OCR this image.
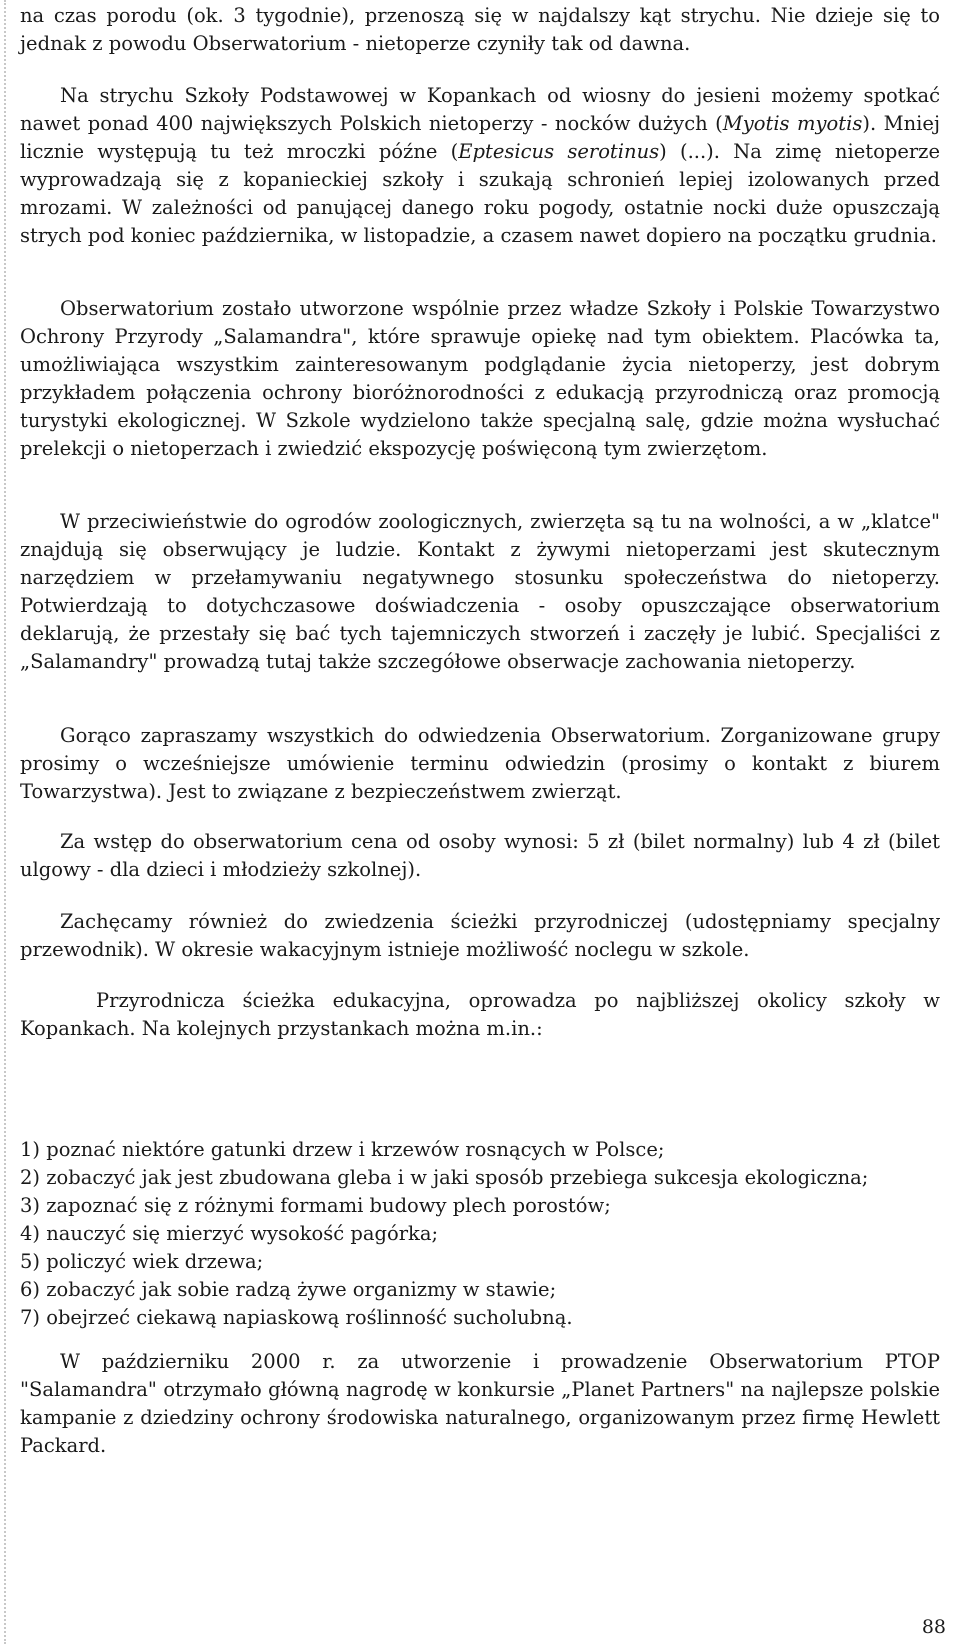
na czas porodu (ok. 3 tygodnie), przenoszą się w najdalszy kąt strychu. Nie dzieje się to jednak z powodu Obserwatorium - nietoperze czyniły tak od dawna.

Na strychu Szkoły Podstawowej w Kopankach od wiosny do jesieni możemy spotkać nawet ponad 400 największych Polskich nietoperzy - nocków dużych (Myotis myotis). Mniej licznie występują tu też mroczki późne (Eptesicus serotinus) (...). Na zimę nietoperze wyprowadzają się z kopanieckiej szkoły i szukają schronień lepiej izolowanych przed mrozami. W zależności od panującej danego roku pogody, ostatnie nocki duże opuszczają strych pod koniec października, w listopadzie, a czasem nawet dopiero na początku grudnia.

Obserwatorium zostało utworzone wspólnie przez władze Szkoły i Polskie Towarzystwo Ochrony Przyrody „Salamandra", które sprawuje opiekę nad tym obiektem. Placówka ta, umożliwiająca wszystkim zainteresowanym podglądanie życia nietoperzy, jest dobrym przykładem połączenia ochrony bioróżnorodności z edukacją przyrodniczą oraz promocją turystyki ekologicznej. W Szkole wydzielono także specjalną salę, gdzie można wysłuchać prelekcji o nietoperzach i zwiedzić ekspozycję poświęconą tym zwierzętom.

W przeciwieństwie do ogrodów zoologicznych, zwierzęta są tu na wolności, a w „klatce" znajdują się obserwujący je ludzie. Kontakt z żywymi nietoperzami jest skutecznym narzędziem w przełamywaniu negatywnego stosunku społeczeństwa do nietoperzy. Potwierdzają to dotychczasowe doświadczenia - osoby opuszczające obserwatorium deklarują, że przestały się bać tych tajemniczych stworzeń i zaczęły je lubić. Specjaliści z „Salamandry" prowadzą tutaj także szczegółowe obserwacje zachowania nietoperzy.

Gorąco zapraszamy wszystkich do odwiedzenia Obserwatorium. Zorganizowane grupy prosimy o wcześniejsze umówienie terminu odwiedzin (prosimy o kontakt z biurem Towarzystwa). Jest to związane z bezpieczeństwem zwierząt.

Za wstęp do obserwatorium cena od osoby wynosi: 5 zł (bilet normalny) lub 4 zł (bilet ulgowy - dla dzieci i młodzieży szkolnej).

Zachęcamy również do zwiedzenia ścieżki przyrodniczej (udostępniamy specjalny przewodnik). W okresie wakacyjnym istnieje możliwość noclegu w szkole.

Przyrodnicza ścieżka edukacyjna, oprowadza po najbliższej okolicy szkoły w Kopankach. Na kolejnych przystankach można m.in.:

1) poznać niektóre gatunki drzew i krzewów rosnących w Polsce;
2) zobaczyć jak jest zbudowana gleba i w jaki sposób przebiega sukcesja ekologiczna;
3) zapoznać się z różnymi formami budowy plech porostów;
4) nauczyć się mierzyć wysokość pagórka;
5) policzyć wiek drzewa;
6) zobaczyć jak sobie radzą żywe organizmy w stawie;
7) obejrzeć ciekawą napiaskową roślinność sucholubną.

W październiku 2000 r. za utworzenie i prowadzenie Obserwatorium PTOP "Salamandra" otrzymało główną nagrodę w konkursie „Planet Partners" na najlepsze polskie kampanie z dziedziny ochrony środowiska naturalnego, organizowanym przez firmę Hewlett Packard.

88
